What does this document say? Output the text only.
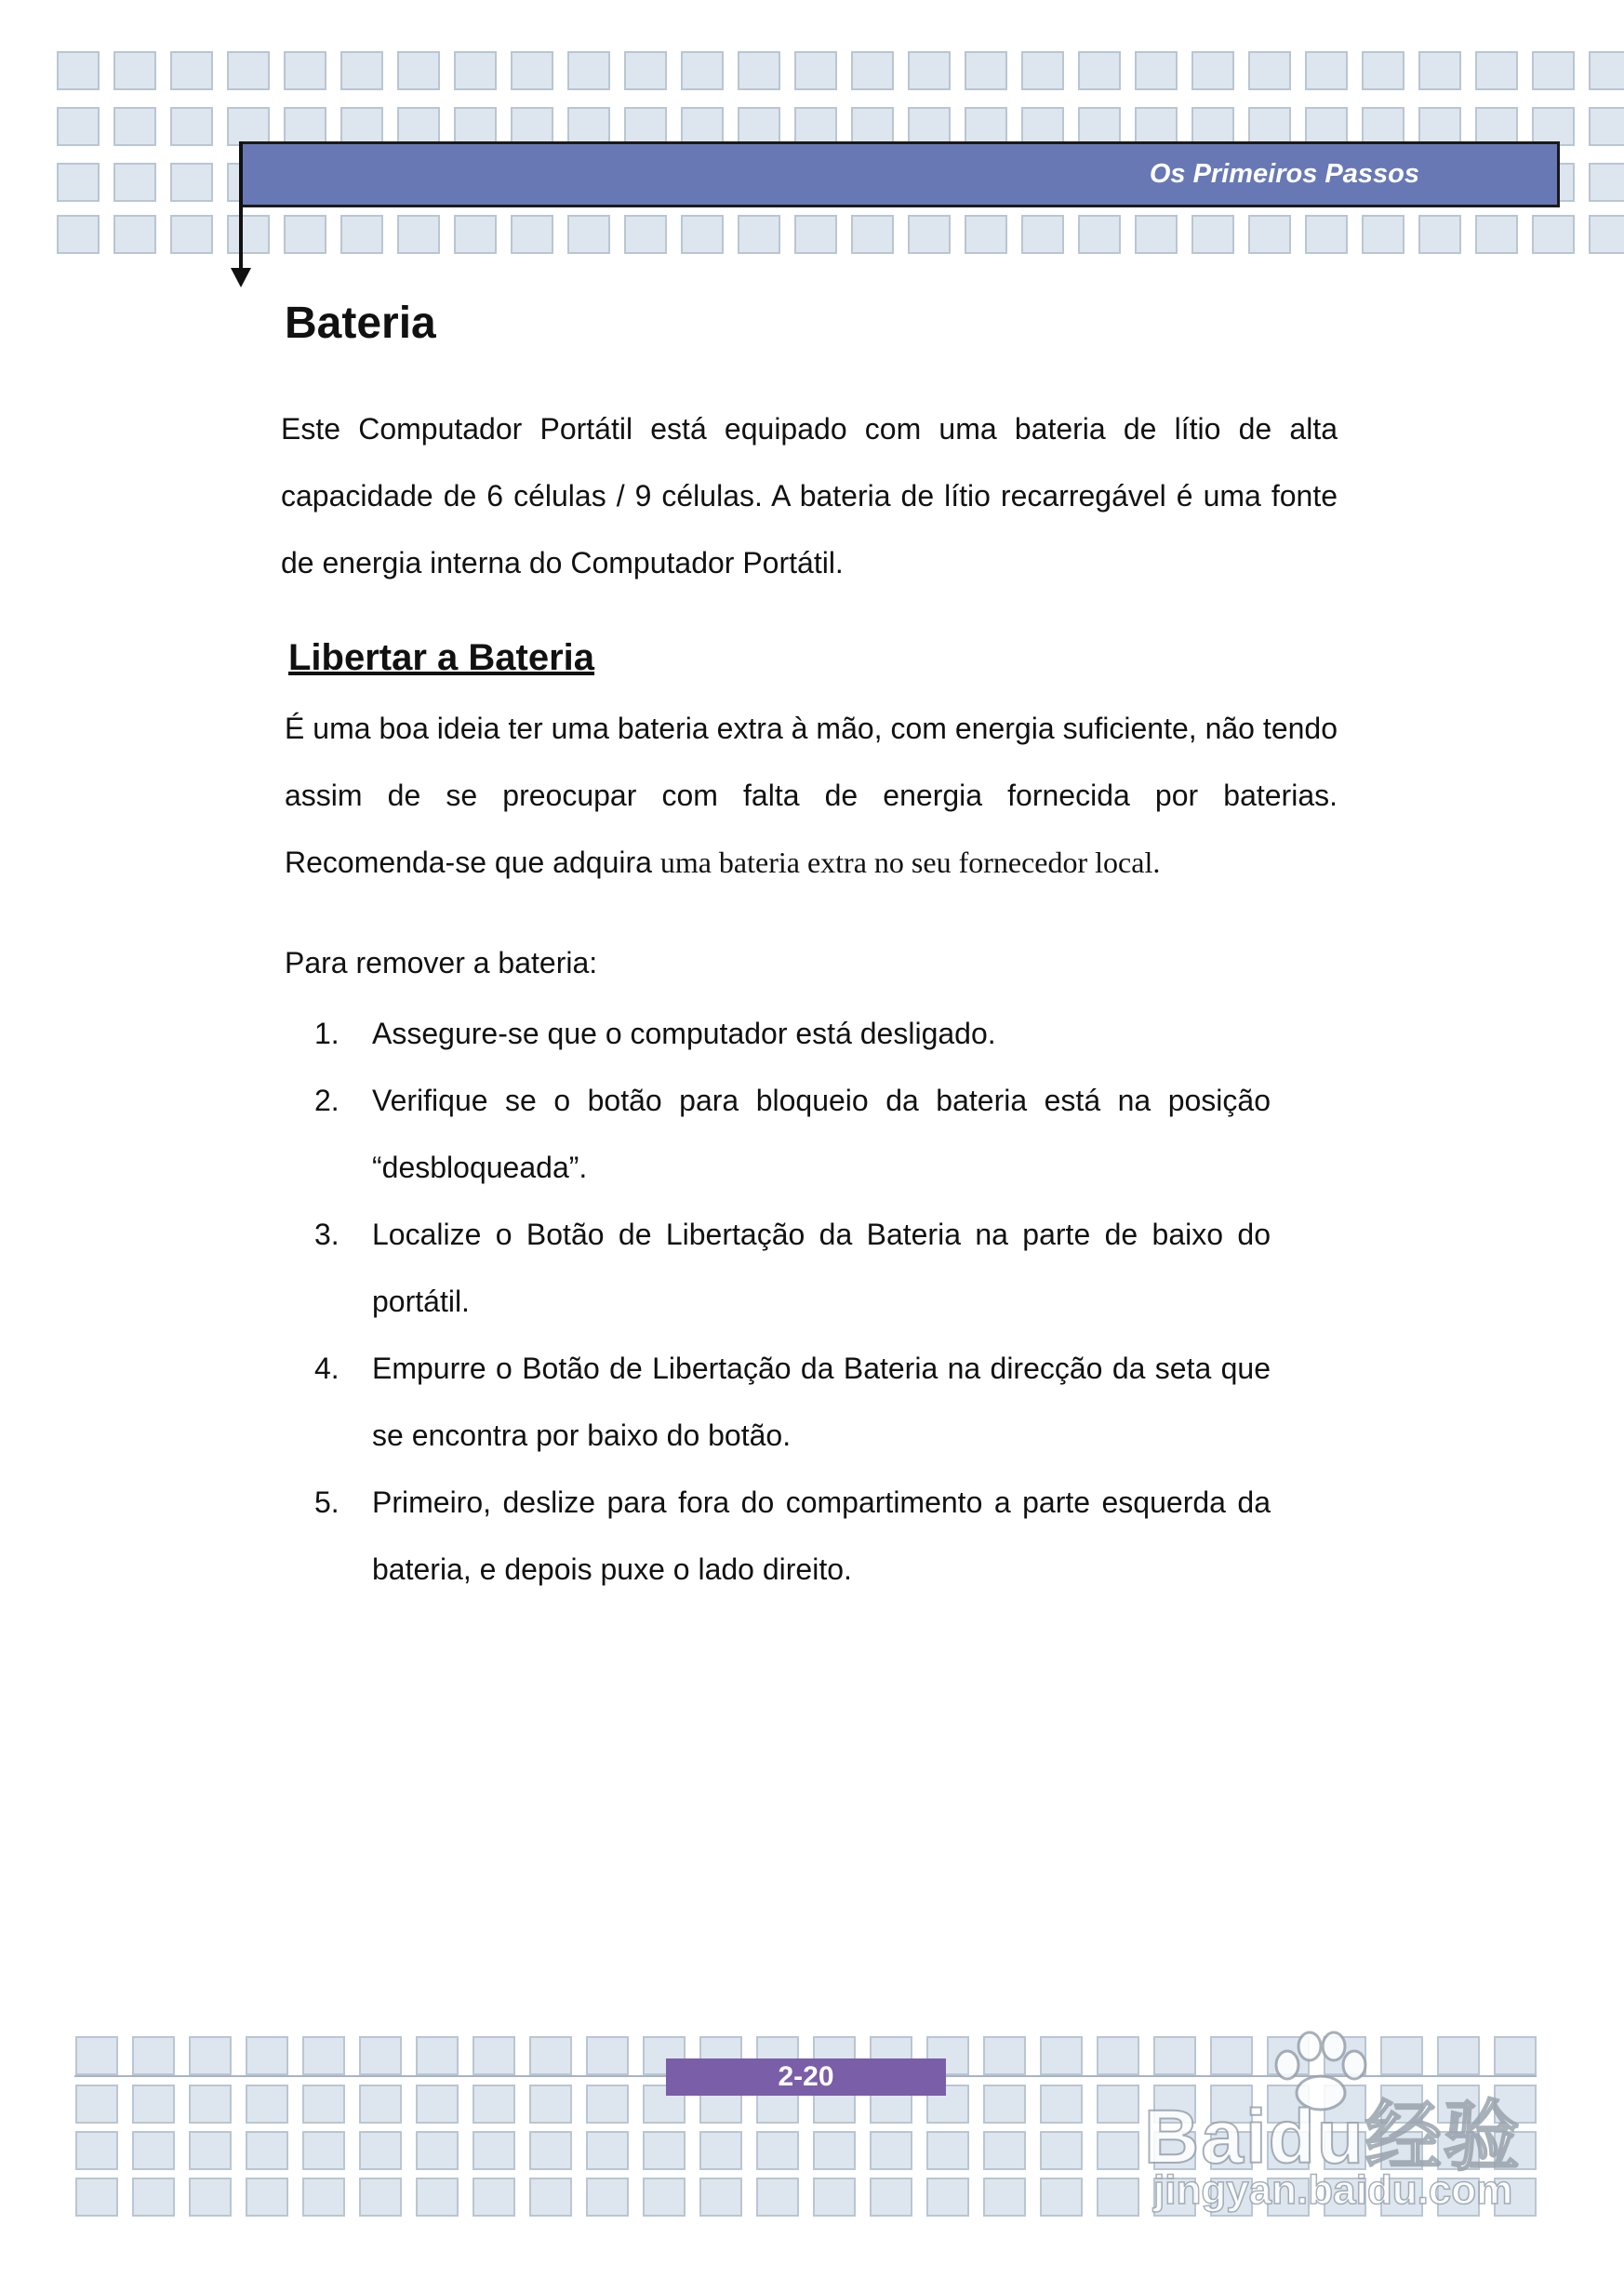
Os Primeiros Passos
Bateria

Este Computador Portátil está equipado com uma bateria de lítio de alta capacidade de 6 células / 9 células. A bateria de lítio recarregável é uma fonte de energia interna do Computador Portátil.

Libertar a Bateria

É uma boa ideia ter uma bateria extra à mão, com energia suficiente, não tendo assim de se preocupar com falta de energia fornecida por baterias. Recomenda-se que adquira uma bateria extra no seu fornecedor local.

Para remover a bateria:

1. Assegure-se que o computador está desligado.
2. Verifique se o botão para bloqueio da bateria está na posição “desbloqueada”.
3. Localize o Botão de Libertação da Bateria na parte de baixo do portátil.
4. Empurre o Botão de Libertação da Bateria na direcção da seta que se encontra por baixo do botão.
5. Primeiro, deslize para fora do compartimento a parte esquerda da bateria, e depois puxe o lado direito.
2-20
Baidu经验
jingyan.baidu.com
